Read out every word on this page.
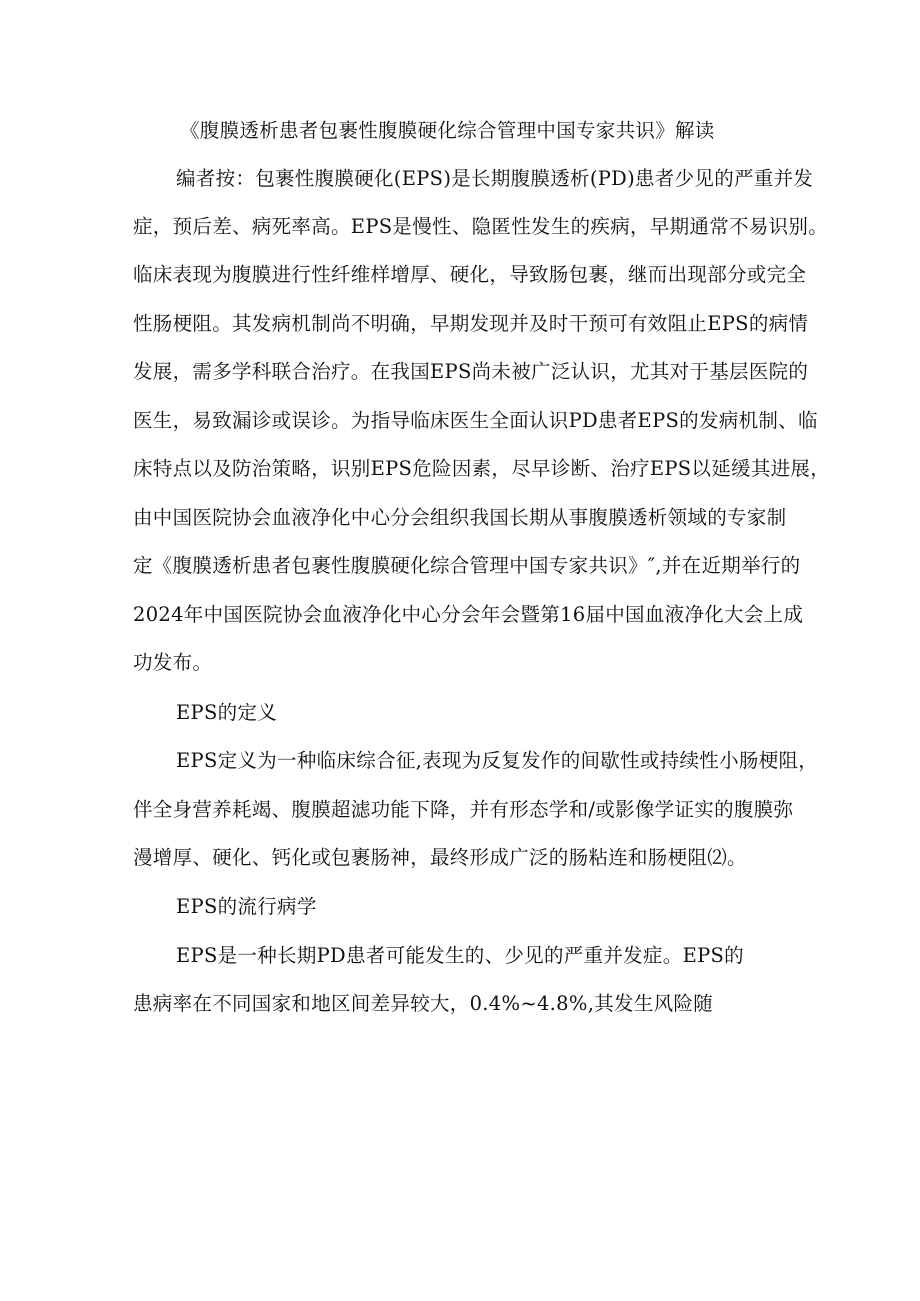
《腹膜透析患者包裹性腹膜硬化综合管理中国专家共识》解读
编者按：包裹性腹膜硬化(EPS)是长期腹膜透析(PD)患者少见的严重并发
症，预后差、病死率高。EPS是慢性、隐匿性发生的疾病，早期通常不易识别。
临床表现为腹膜进行性纤维样增厚、硬化，导致肠包裹，继而出现部分或完全
性肠梗阻。其发病机制尚不明确，早期发现并及时干预可有效阻止EPS的病情
发展，需多学科联合治疗。在我国EPS尚未被广泛认识，尤其对于基层医院的
医生，易致漏诊或误诊。为指导临床医生全面认识PD患者EPS的发病机制、临
床特点以及防治策略，识别EPS危险因素，尽早诊断、治疗EPS以延缓其进展，
由中国医院协会血液净化中心分会组织我国长期从事腹膜透析领域的专家制
定《腹膜透析患者包裹性腹膜硬化综合管理中国专家共识》″,并在近期举行的
2024年中国医院协会血液净化中心分会年会暨第16届中国血液净化大会上成
功发布。
EPS的定义
EPS定义为一种临床综合征,表现为反复发作的间歇性或持续性小肠梗阻，
伴全身营养耗竭、腹膜超滤功能下降，并有形态学和/或影像学证实的腹膜弥
漫增厚、硬化、钙化或包裹肠神，最终形成广泛的肠粘连和肠梗阻⑵。
EPS的流行病学
EPS是一种长期PD患者可能发生的、少见的严重并发症。EPS的
患病率在不同国家和地区间差异较大，0.4%~4.8%,其发生风险随
